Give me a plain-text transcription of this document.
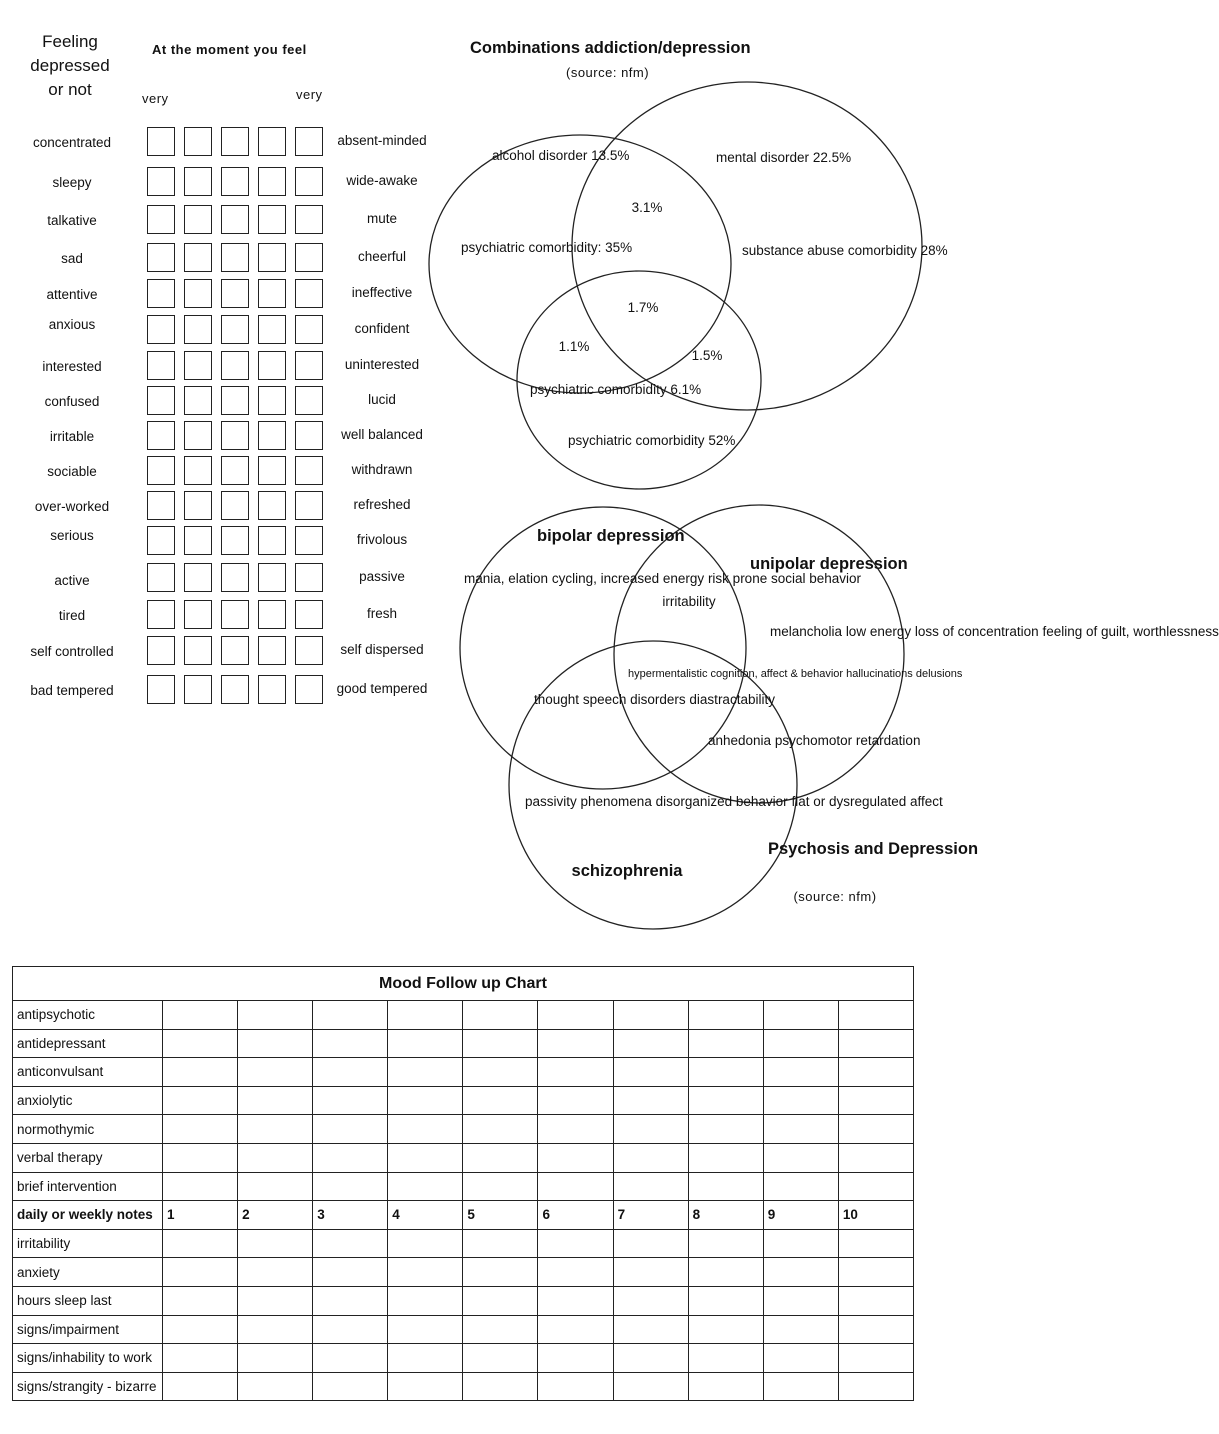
Feeling
depressed
or not
At the moment you feel
very	very
concentrated	absent-minded
sleepy	wide-awake
talkative	mute
sad	cheerful
attentive	ineffective
anxious	confident
interested	uninterested
confused	lucid
irritable	well balanced
sociable	withdrawn
over-worked	refreshed
serious	frivolous
active	passive
tired	fresh
self controlled	self dispersed
bad tempered	good tempered
Combinations addiction/depression
(source: nfm)
alcohol disorder 13.5%	mental disorder 22.5%
3.1%
psychiatric comorbidity: 35%	substance abuse comorbidity 28%
1.7%
1.1%
1.5%
psychiatric comorbidity 6.1%
psychiatric comorbidity 52%
bipolar depression
mania, elation cycling, increased energy risk prone social behavior
irritability
unipolar depression
melancholia low energy loss of concentration feeling of guilt, worthlessness
hypermentalistic cognition, affect & behavior hallucinations delusions
thought speech disorders diastractability
anhedonia psychomotor retardation
passivity phenomena disorganized behavior flat or dysregulated affect
schizophrenia
Psychosis and Depression
(source: nfm)
Mood Follow up Chart										
antipsychotic										
antidepressant										
anticonvulsant										
anxiolytic										
normothymic										
verbal therapy										
brief intervention										
daily or weekly notes	1	2	3	4	5	6	7	8	9	10
irritability										
anxiety										
hours sleep last										
signs/impairment										
signs/inhability to work										
signs/strangity - bizarre										
